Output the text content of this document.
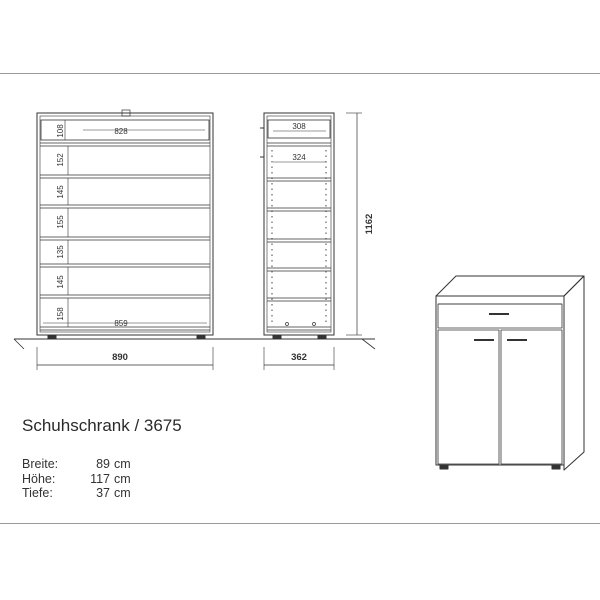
108	828
152
145
155
135
145
158
859
890
308
324
362
1162
Schuhschrank / 3675
Breite:	89 cm
Höhe:	117 cm
Tiefe:	37 cm
